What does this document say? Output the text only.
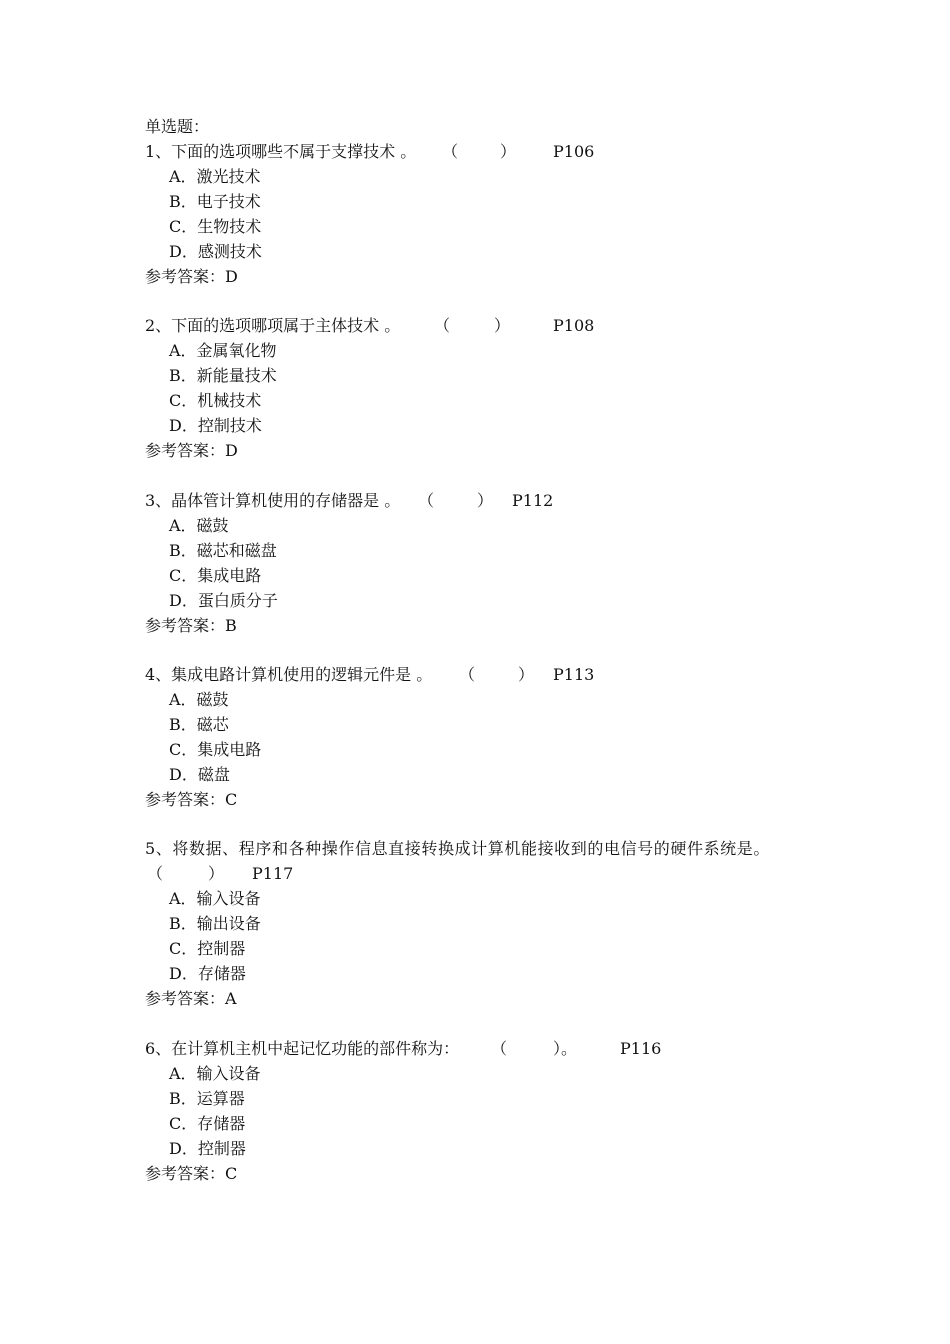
单选题：
1、下面的选项哪些不属于支撑技术 。 （	） P106
A．激光技术
B．电子技术
C．生物技术
D．感测技术
参考答案：D
2、下面的选项哪项属于主体技术 。 （	）	P108
A．金属氧化物
B．新能量技术
C．机械技术
D．控制技术
参考答案：D
3、晶体管计算机使用的存储器是 。 （	） P112
A．磁鼓
B．磁芯和磁盘
C．集成电路
D．蛋白质分子
参考答案：B
4、集成电路计算机使用的逻辑元件是 。 （	） P113
A．磁鼓
B．磁芯
C．集成电路
D．磁盘
参考答案：C
5、将数据、程序和各种操作信息直接转换成计算机能接收到的电信号的硬件系统是。
（	） P117
A．输入设备
B．输出设备
C．控制器
D．存储器
参考答案：A
6、在计算机主机中起记忆功能的部件称为： （	）。	P116
A．输入设备
B．运算器
C．存储器
D．控制器
参考答案：C
